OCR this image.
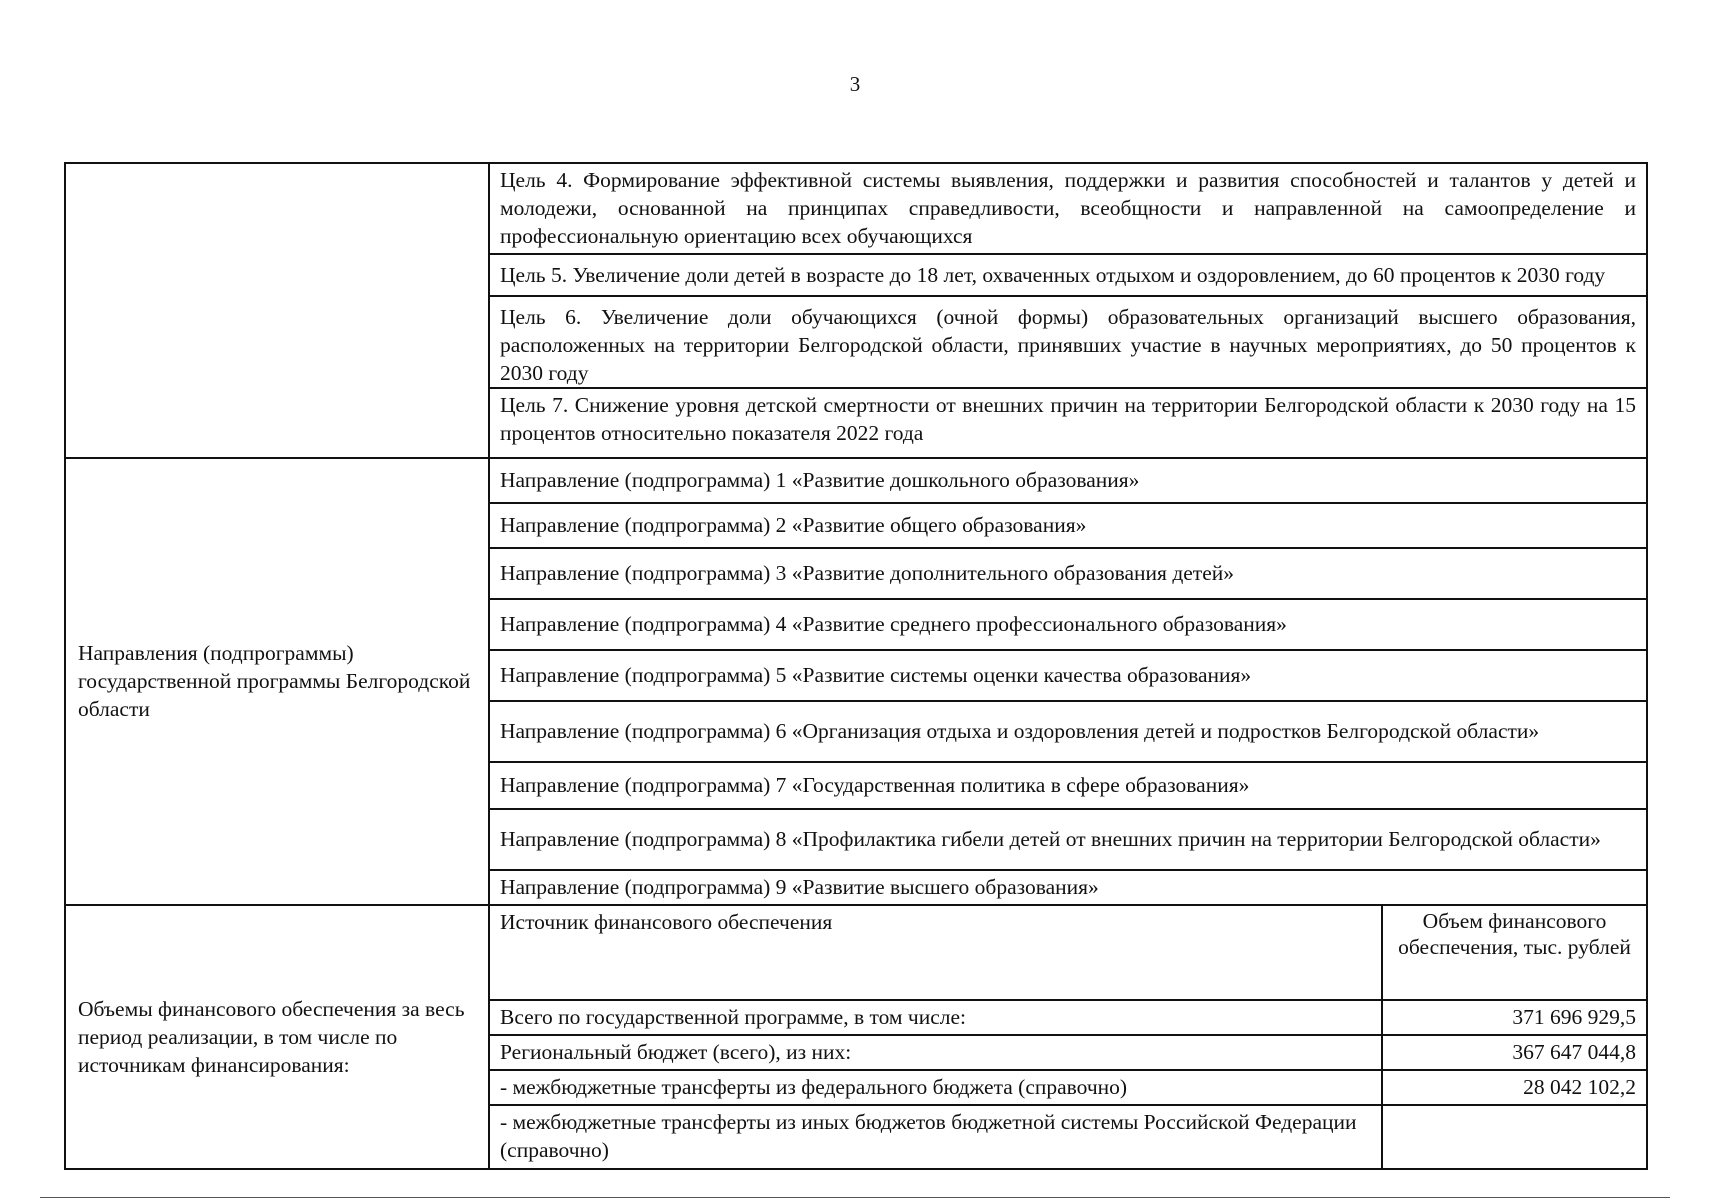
3
	Цель 4. Формирование эффективной системы выявления, поддержки и развития способностей и талантов у детей и молодежи, основанной на принципах справедливости, всеобщности и направленной на самоопределение и профессиональную ориентацию всех обучающихся
Цель 5. Увеличение доли детей в возрасте до 18 лет, охваченных отдыхом и оздоровлением, до 60 процентов к 2030 году
Цель 6. Увеличение доли обучающихся (очной формы) образовательных организаций высшего образования, расположенных на территории Белгородской области, принявших участие в научных мероприятиях, до 50 процентов к 2030 году
Цель 7. Снижение уровня детской смертности от внешних причин на территории Белгородской области к 2030 году на 15 процентов относительно показателя 2022 года
Направления (подпрограммы) государственной программы Белгородской области	Направление (подпрограмма) 1 «Развитие дошкольного образования»
Направление (подпрограмма) 2 «Развитие общего образования»
Направление (подпрограмма) 3 «Развитие дополнительного образования детей»
Направление (подпрограмма) 4 «Развитие среднего профессионального образования»
Направление (подпрограмма) 5 «Развитие системы оценки качества образования»
Направление (подпрограмма) 6 «Организация отдыха и оздоровления детей и подростков Белгородской области»
Направление (подпрограмма) 7 «Государственная политика в сфере образования»
Направление (подпрограмма) 8 «Профилактика гибели детей от внешних причин на территории Белгородской области»
Направление (подпрограмма) 9 «Развитие высшего образования»
Объемы финансового обеспечения за весь период реализации, в том числе по источникам финансирования:	
Источник финансового обеспечения	Объем финансового обеспечения, тыс. рублей
Всего по государственной программе, в том числе:	371 696 929,5
Региональный бюджет (всего), из них:	367 647 044,8
- межбюджетные трансферты из федерального бюджета (справочно)	28 042 102,2
- межбюджетные трансферты из иных бюджетов бюджетной системы Российской Федерации (справочно)	
